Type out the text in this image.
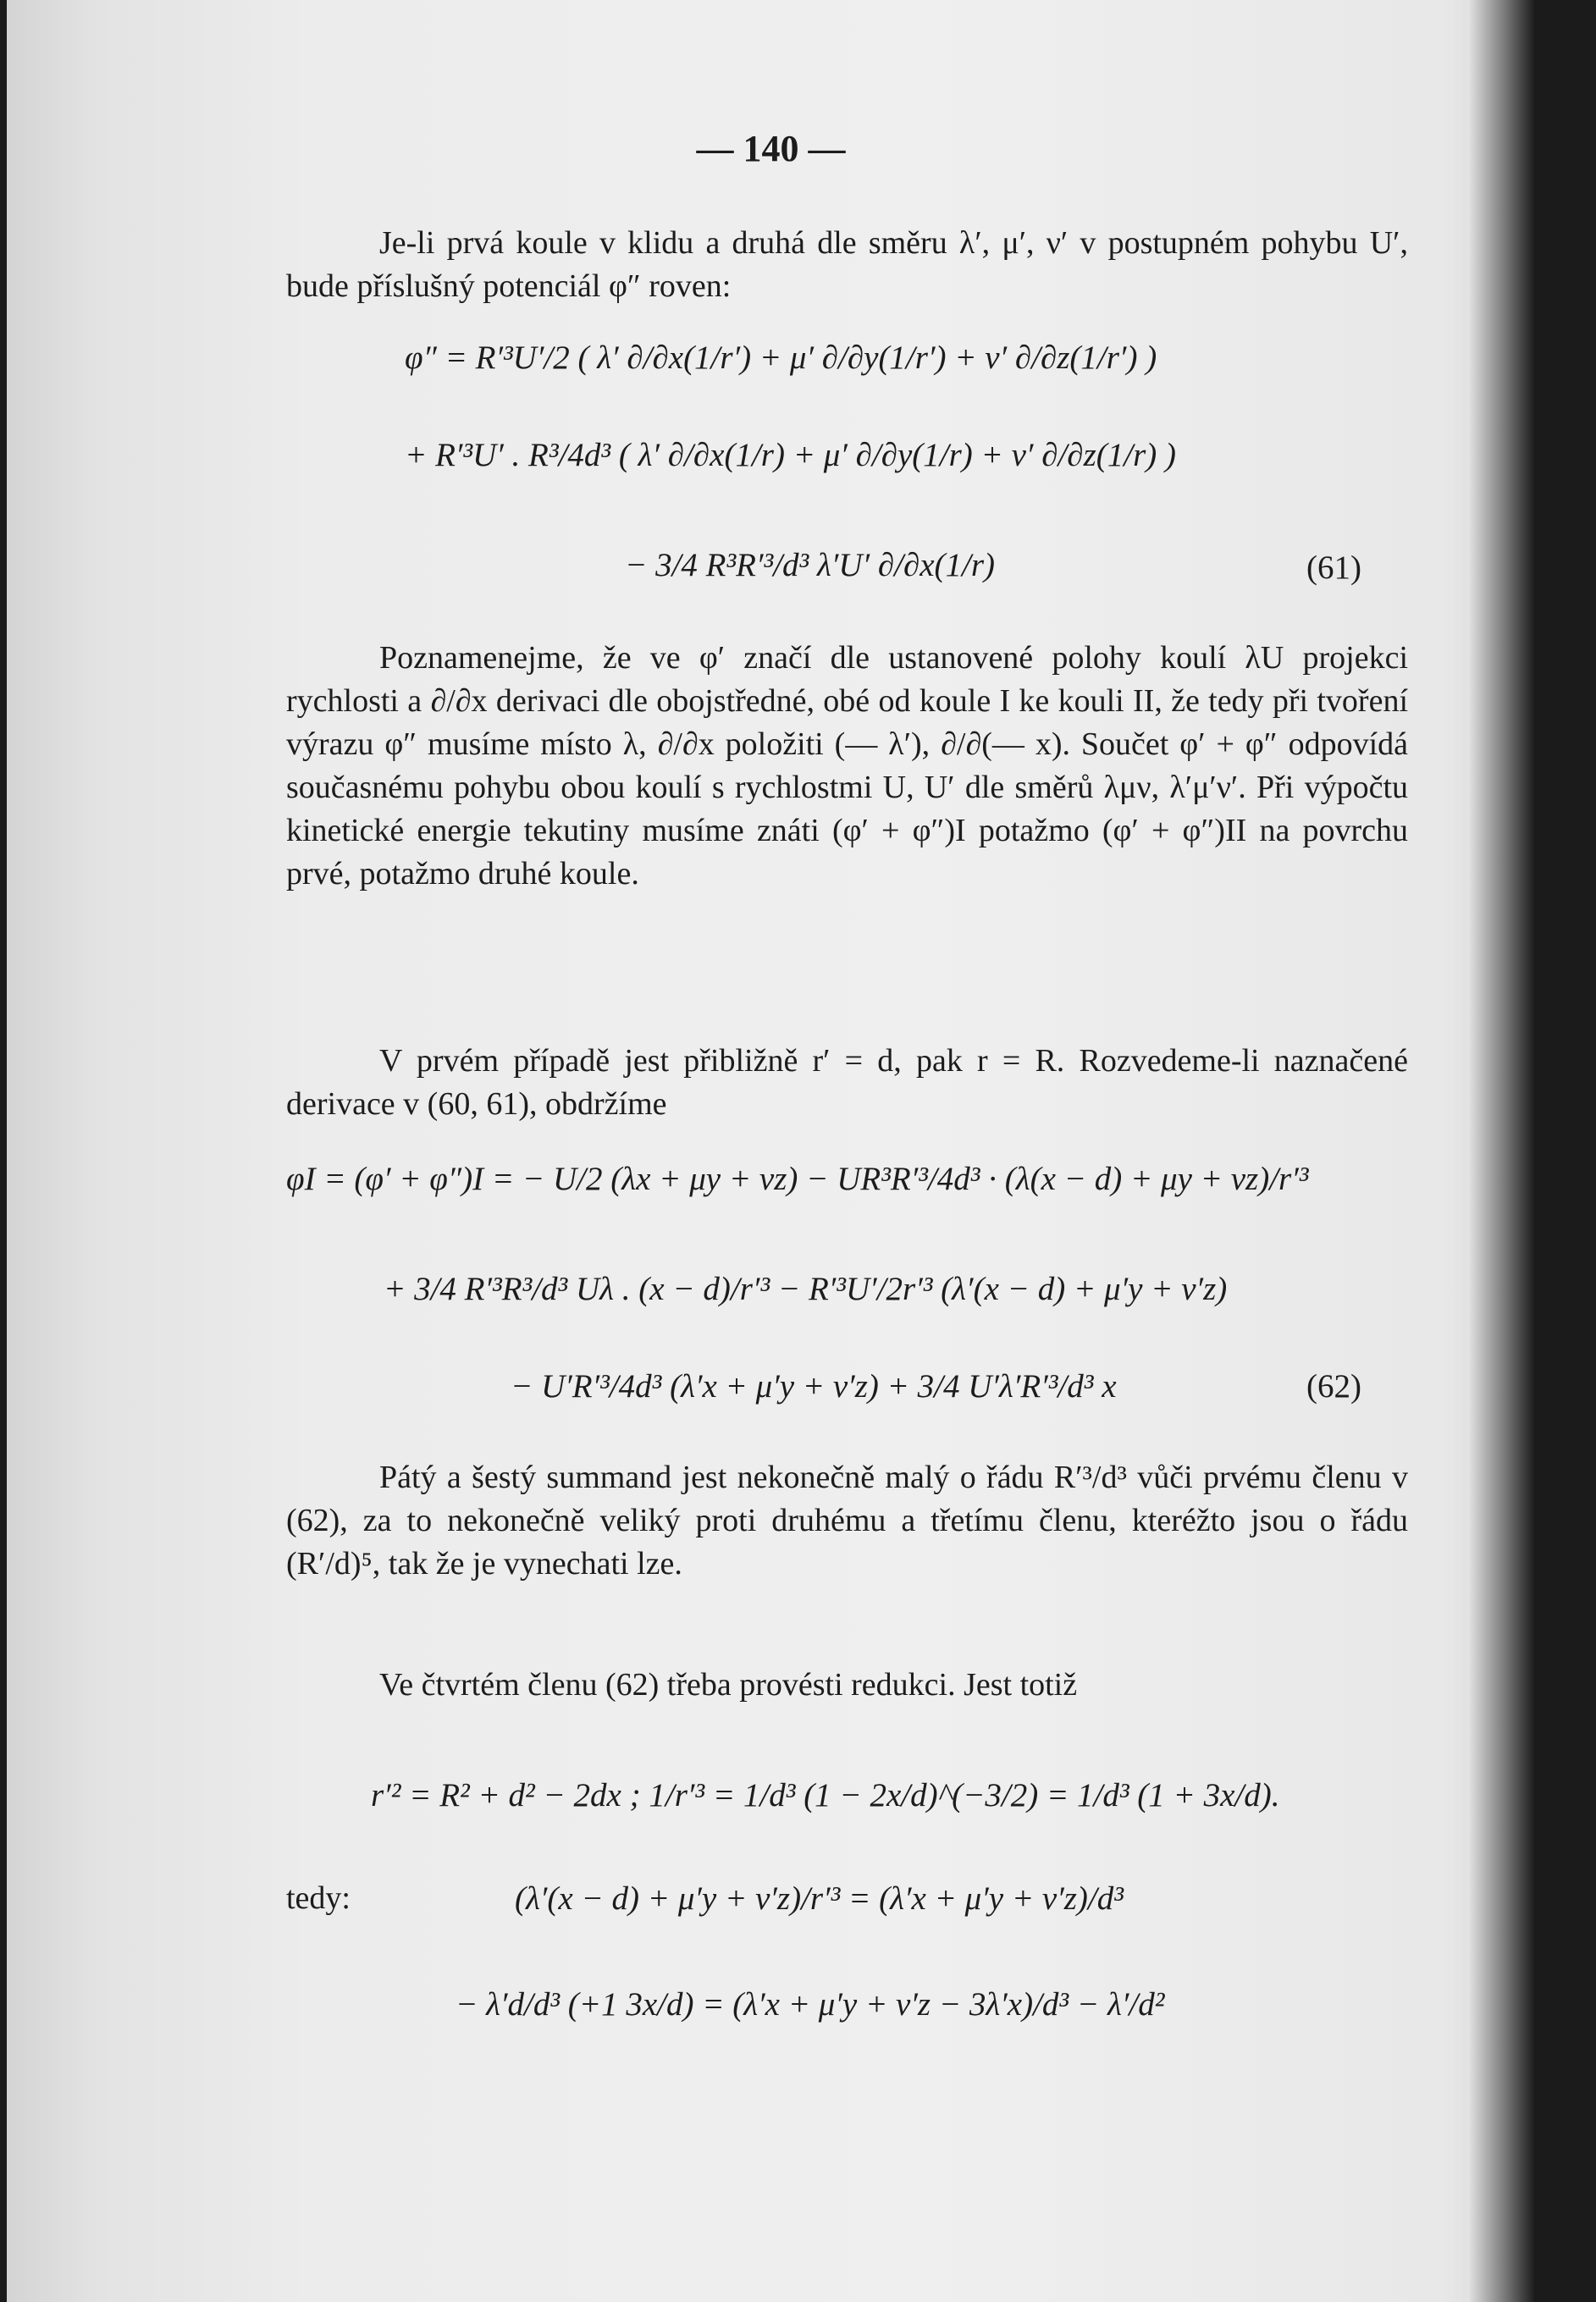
— 140 —

Je-li prvá koule v klidu a druhá dle směru λ′, μ′, ν′ v postupném pohybu U′, bude příslušný potenciál φ″ roven:

φ″ = R′³U′/2 ( λ′ ∂/∂x(1/r′) + μ′ ∂/∂y(1/r′) + ν′ ∂/∂z(1/r′) )
+ R′³U′ . R³/4d³ ( λ′ ∂/∂x(1/r) + μ′ ∂/∂y(1/r) + ν′ ∂/∂z(1/r) )
− 3/4 R³R′³/d³ λ′U′ ∂/∂x(1/r)	(61)

Poznamenejme, že ve φ′ značí dle ustanovené polohy koulí λU projekci rychlosti a ∂/∂x derivaci dle obojstředné, obé od koule I ke kouli II, že tedy při tvoření výrazu φ″ musíme místo λ, ∂/∂x položiti (— λ′), ∂/∂(— x). Součet φ′ + φ″ odpovídá současnému pohybu obou koulí s rychlostmi U, U′ dle směrů λμν, λ′μ′ν′. Při výpočtu kinetické energie tekutiny musíme znáti (φ′ + φ″)I potažmo (φ′ + φ″)II na povrchu prvé, potažmo druhé koule.

V prvém případě jest přibližně r′ = d, pak r = R. Rozvedeme-li naznačené derivace v (60, 61), obdržíme

φI = (φ′ + φ″)I = − U/2 (λx + μy + νz) − UR³R′³/4d³ · (λ(x − d) + μy + νz)/r′³
+ 3/4 R′³R³/d³ Uλ . (x − d)/r′³ − R′³U′/2r′³ (λ′(x − d) + μ′y + ν′z)
− U′R′³/4d³ (λ′x + μ′y + ν′z) + 3/4 U′λ′R′³/d³ x	(62)

Pátý a šestý summand jest nekonečně malý o řádu R′³/d³ vůči prvému členu v (62), za to nekonečně veliký proti druhému a třetímu členu, kteréžto jsou o řádu (R′/d)⁵, tak že je vynechati lze.

Ve čtvrtém členu (62) třeba provésti redukci. Jest totiž

r′² = R² + d² − 2dx ; 1/r′³ = 1/d³ (1 − 2x/d)^(−3/2) = 1/d³ (1 + 3x/d).
tedy:	(λ′(x − d) + μ′y + ν′z)/r′³ = (λ′x + μ′y + ν′z)/d³
− λ′d/d³ (+1 3x/d) = (λ′x + μ′y + ν′z − 3λ′x)/d³ − λ′/d²
